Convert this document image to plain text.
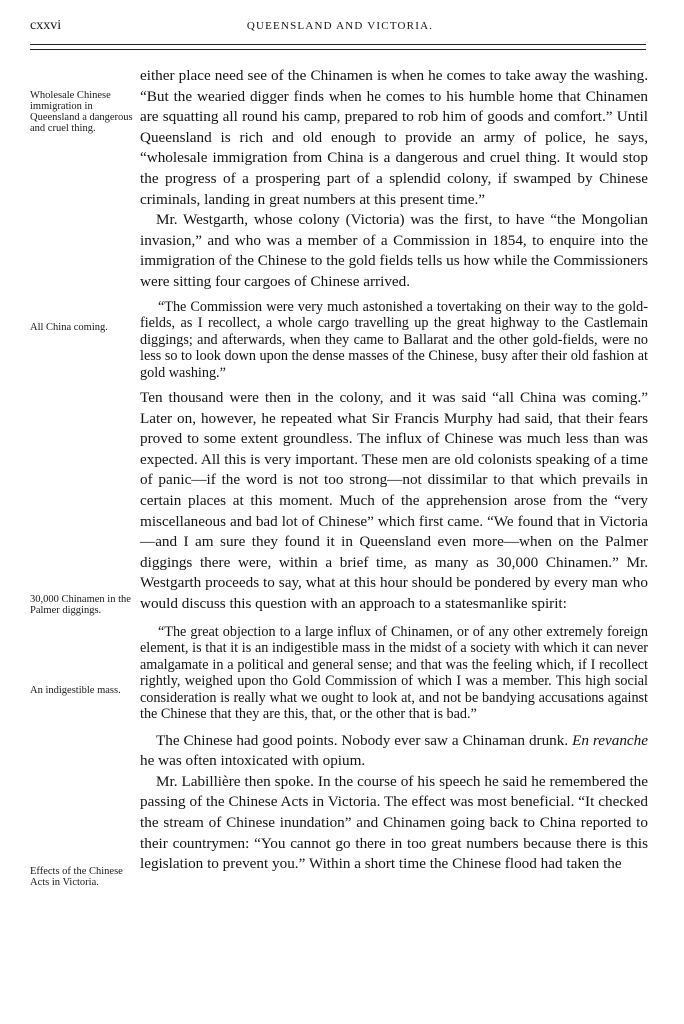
cxxvi	QUEENSLAND AND VICTORIA.
Wholesale Chinese immigration in Queensland a dangerous and cruel thing.
All China coming.
30,000 Chinamen in the Palmer diggings.
An indigestible mass.
Effects of the Chinese Acts in Victoria.

either place need see of the Chinamen is when he comes to take away the washing. “But the wearied digger finds when he comes to his humble home that Chinamen are squatting all round his camp, prepared to rob him of goods and comfort.” Until Queensland is rich and old enough to provide an army of police, he says, “wholesale immigration from China is a dangerous and cruel thing. It would stop the progress of a prospering part of a splendid colony, if swamped by Chinese criminals, landing in great numbers at this present time.”

Mr. Westgarth, whose colony (Victoria) was the first, to have “the Mongolian invasion,” and who was a member of a Commission in 1854, to enquire into the immigration of the Chinese to the gold fields tells us how while the Commissioners were sitting four cargoes of Chinese arrived.

“The Commission were very much astonished a tovertaking on their way to the gold-fields, as I recollect, a whole cargo travelling up the great highway to the Castlemain diggings; and afterwards, when they came to Ballarat and the other gold-fields, were no less so to look down upon the dense masses of the Chinese, busy after their old fashion at gold washing.”

Ten thousand were then in the colony, and it was said “all China was coming.” Later on, however, he repeated what Sir Francis Murphy had said, that their fears proved to some extent groundless. The influx of Chinese was much less than was expected. All this is very important. These men are old colonists speaking of a time of panic—if the word is not too strong—not dissimilar to that which prevails in certain places at this moment. Much of the apprehension arose from the “very miscellaneous and bad lot of Chinese” which first came. “We found that in Victoria —and I am sure they found it in Queensland even more—when on the Palmer diggings there were, within a brief time, as many as 30,000 Chinamen.” Mr. Westgarth proceeds to say, what at this hour should be pondered by every man who would discuss this question with an approach to a statesmanlike spirit:

“The great objection to a large influx of Chinamen, or of any other extremely foreign element, is that it is an indigestible mass in the midst of a society with which it can never amalgamate in a political and general sense; and that was the feeling which, if I recollect rightly, weighed upon tho Gold Commission of which I was a member. This high social consideration is really what we ought to look at, and not be bandying accusations against the Chinese that they are this, that, or the other that is bad.”

The Chinese had good points. Nobody ever saw a Chinaman drunk. En revanche he was often intoxicated with opium.

Mr. Labillière then spoke. In the course of his speech he said he remembered the passing of the Chinese Acts in Victoria. The effect was most beneficial. “It checked the stream of Chinese inundation” and Chinamen going back to China reported to their countrymen: “You cannot go there in too great numbers because there is this legislation to prevent you.” Within a short time the Chinese flood had taken the
